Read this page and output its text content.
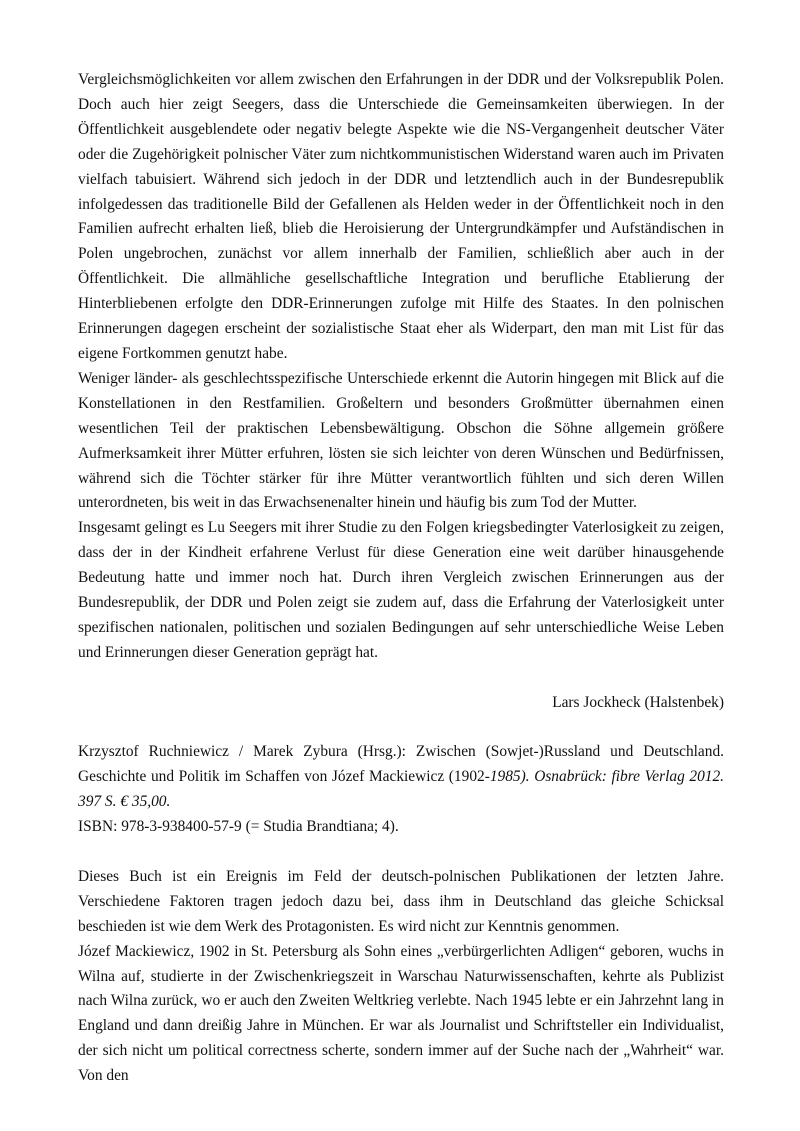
Vergleichsmöglichkeiten vor allem zwischen den Erfahrungen in der DDR und der Volksrepublik Polen. Doch auch hier zeigt Seegers, dass die Unterschiede die Gemeinsamkeiten überwiegen. In der Öffentlichkeit ausgeblendete oder negativ belegte Aspekte wie die NS-Vergangenheit deutscher Väter oder die Zugehörigkeit polnischer Väter zum nichtkommunistischen Widerstand waren auch im Privaten vielfach tabuisiert. Während sich jedoch in der DDR und letztendlich auch in der Bundesrepublik infolgedessen das traditionelle Bild der Gefallenen als Helden weder in der Öffentlichkeit noch in den Familien aufrecht erhalten ließ, blieb die Heroisierung der Untergrundkämpfer und Aufständischen in Polen ungebrochen, zunächst vor allem innerhalb der Familien, schließlich aber auch in der Öffentlichkeit. Die allmähliche gesellschaftliche Integration und berufliche Etablierung der Hinterbliebenen erfolgte den DDR-Erinnerungen zufolge mit Hilfe des Staates. In den polnischen Erinnerungen dagegen erscheint der sozialistische Staat eher als Widerpart, den man mit List für das eigene Fortkommen genutzt habe.

Weniger länder- als geschlechtsspezifische Unterschiede erkennt die Autorin hingegen mit Blick auf die Konstellationen in den Restfamilien. Großeltern und besonders Großmütter übernahmen einen wesentlichen Teil der praktischen Lebensbewältigung. Obschon die Söhne allgemein größere Aufmerksamkeit ihrer Mütter erfuhren, lösten sie sich leichter von deren Wünschen und Bedürfnissen, während sich die Töchter stärker für ihre Mütter verantwortlich fühlten und sich deren Willen unterordneten, bis weit in das Erwachsenenalter hinein und häufig bis zum Tod der Mutter.

Insgesamt gelingt es Lu Seegers mit ihrer Studie zu den Folgen kriegsbedingter Vaterlosigkeit zu zeigen, dass der in der Kindheit erfahrene Verlust für diese Generation eine weit darüber hinausgehende Bedeutung hatte und immer noch hat. Durch ihren Vergleich zwischen Erinnerungen aus der Bundesrepublik, der DDR und Polen zeigt sie zudem auf, dass die Erfahrung der Vaterlosigkeit unter spezifischen nationalen, politischen und sozialen Bedingungen auf sehr unterschiedliche Weise Leben und Erinnerungen dieser Generation geprägt hat.

Lars Jockheck (Halstenbek)

Krzysztof Ruchniewicz / Marek Zybura (Hrsg.): Zwischen (Sowjet-)Russland und Deutschland. Geschichte und Politik im Schaffen von Józef Mackiewicz (1902-1985). Osnabrück: fibre Verlag 2012. 397 S. € 35,00.
ISBN: 978-3-938400-57-9 (= Studia Brandtiana; 4).

Dieses Buch ist ein Ereignis im Feld der deutsch-polnischen Publikationen der letzten Jahre. Verschiedene Faktoren tragen jedoch dazu bei, dass ihm in Deutschland das gleiche Schicksal beschieden ist wie dem Werk des Protagonisten. Es wird nicht zur Kenntnis genommen.

Józef Mackiewicz, 1902 in St. Petersburg als Sohn eines „verbürgerlichten Adligen“ geboren, wuchs in Wilna auf, studierte in der Zwischenkriegszeit in Warschau Naturwissenschaften, kehrte als Publizist nach Wilna zurück, wo er auch den Zweiten Weltkrieg verlebte. Nach 1945 lebte er ein Jahrzehnt lang in England und dann dreißig Jahre in München. Er war als Journalist und Schriftsteller ein Individualist, der sich nicht um political correctness scherte, sondern immer auf der Suche nach der „Wahrheit“ war. Von den
